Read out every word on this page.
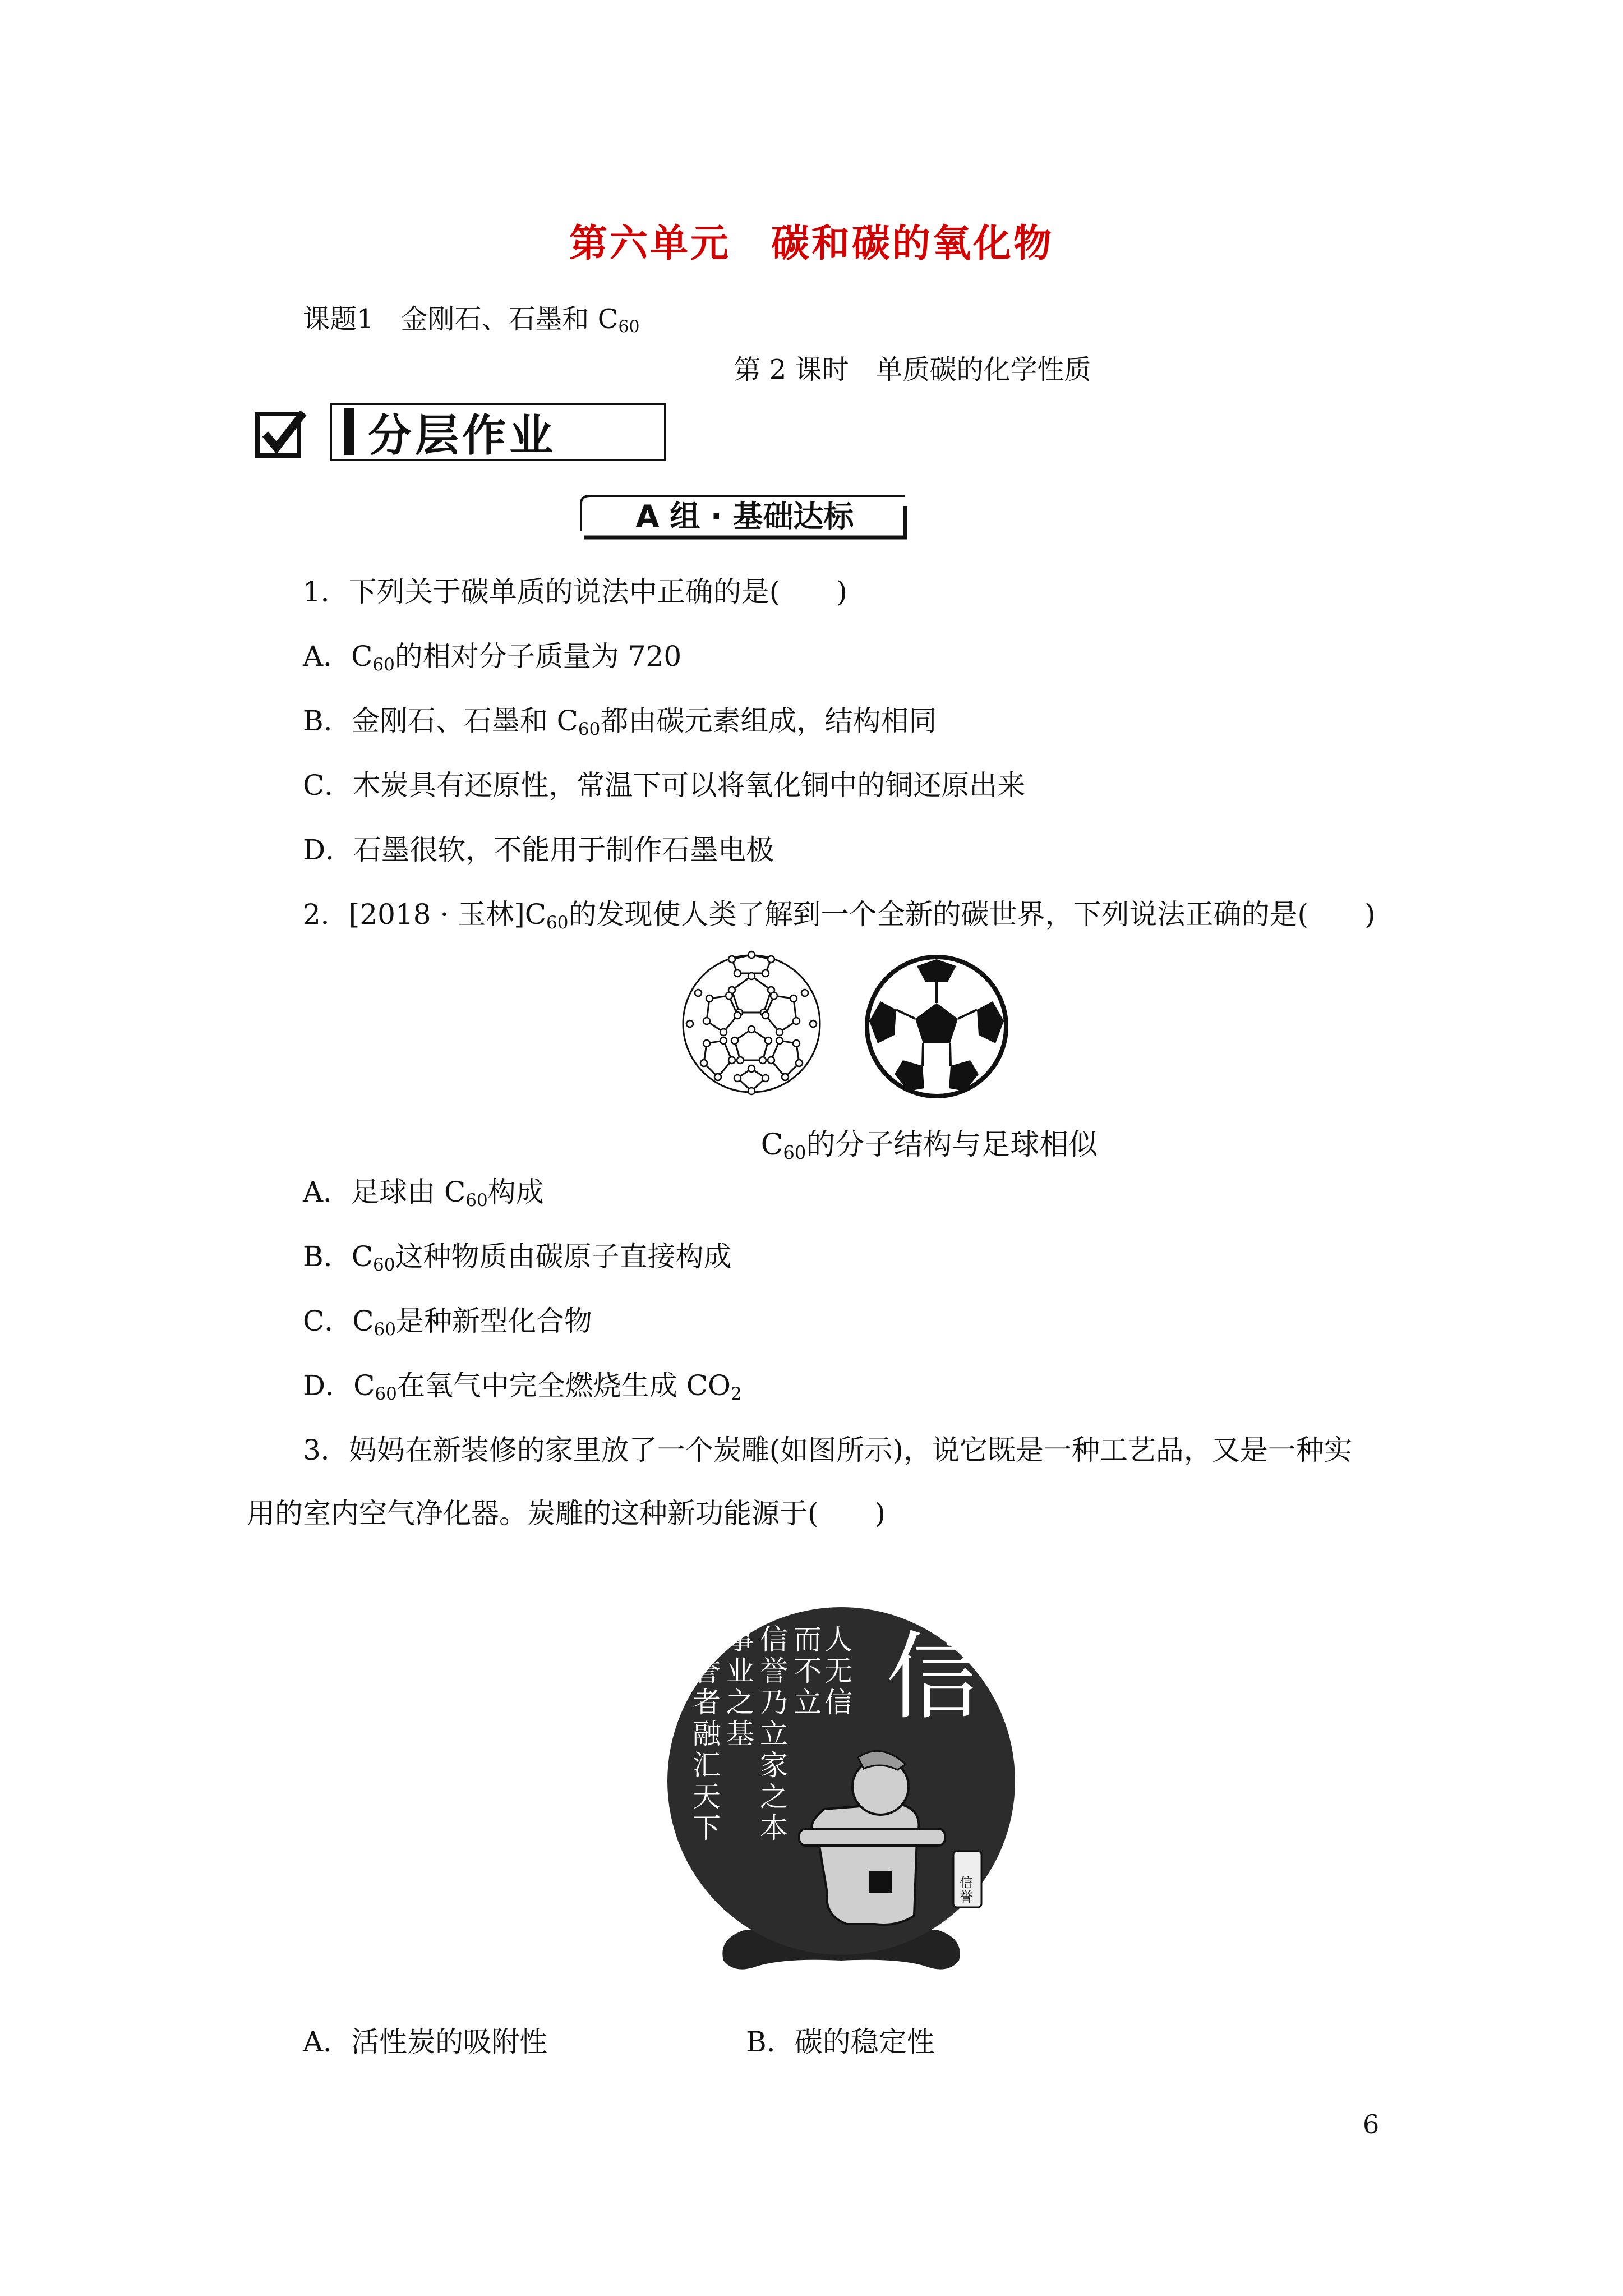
第六单元　碳和碳的氧化物
课题1　金刚石、石墨和 $C_{60}$
第 2 课时　单质碳的化学性质
分层作业
A 组 · 基础达标
1．下列关于碳单质的说法中正确的是(　　)
A．$C_{60}$的相对分子质量为 720
B．金刚石、石墨和 $C_{60}$都由碳元素组成，结构相同
C．木炭具有还原性，常温下可以将氧化铜中的铜还原出来
D．石墨很软，不能用于制作石墨电极
2．[2018 · 玉林]$C_{60}$的发现使人类了解到一个全新的碳世界，下列说法正确的是(　　)
$C_{60}$的分子结构与足球相似
A．足球由 $C_{60}$构成
B．$C_{60}$这种物质由碳原子直接构成
C．$C_{60}$是种新型化合物
D．$C_{60}$在氧气中完全燃烧生成 $CO_2$
3．妈妈在新装修的家里放了一个炭雕(如图所示)，说它既是一种工艺品，又是一种实
用的室内空气净化器。炭雕的这种新功能源于(　　)
信
信誉
人无信
而不立
信誉乃立家之本
事业之基
信誉者融汇天下
A．活性炭的吸附性	B．碳的稳定性
6
